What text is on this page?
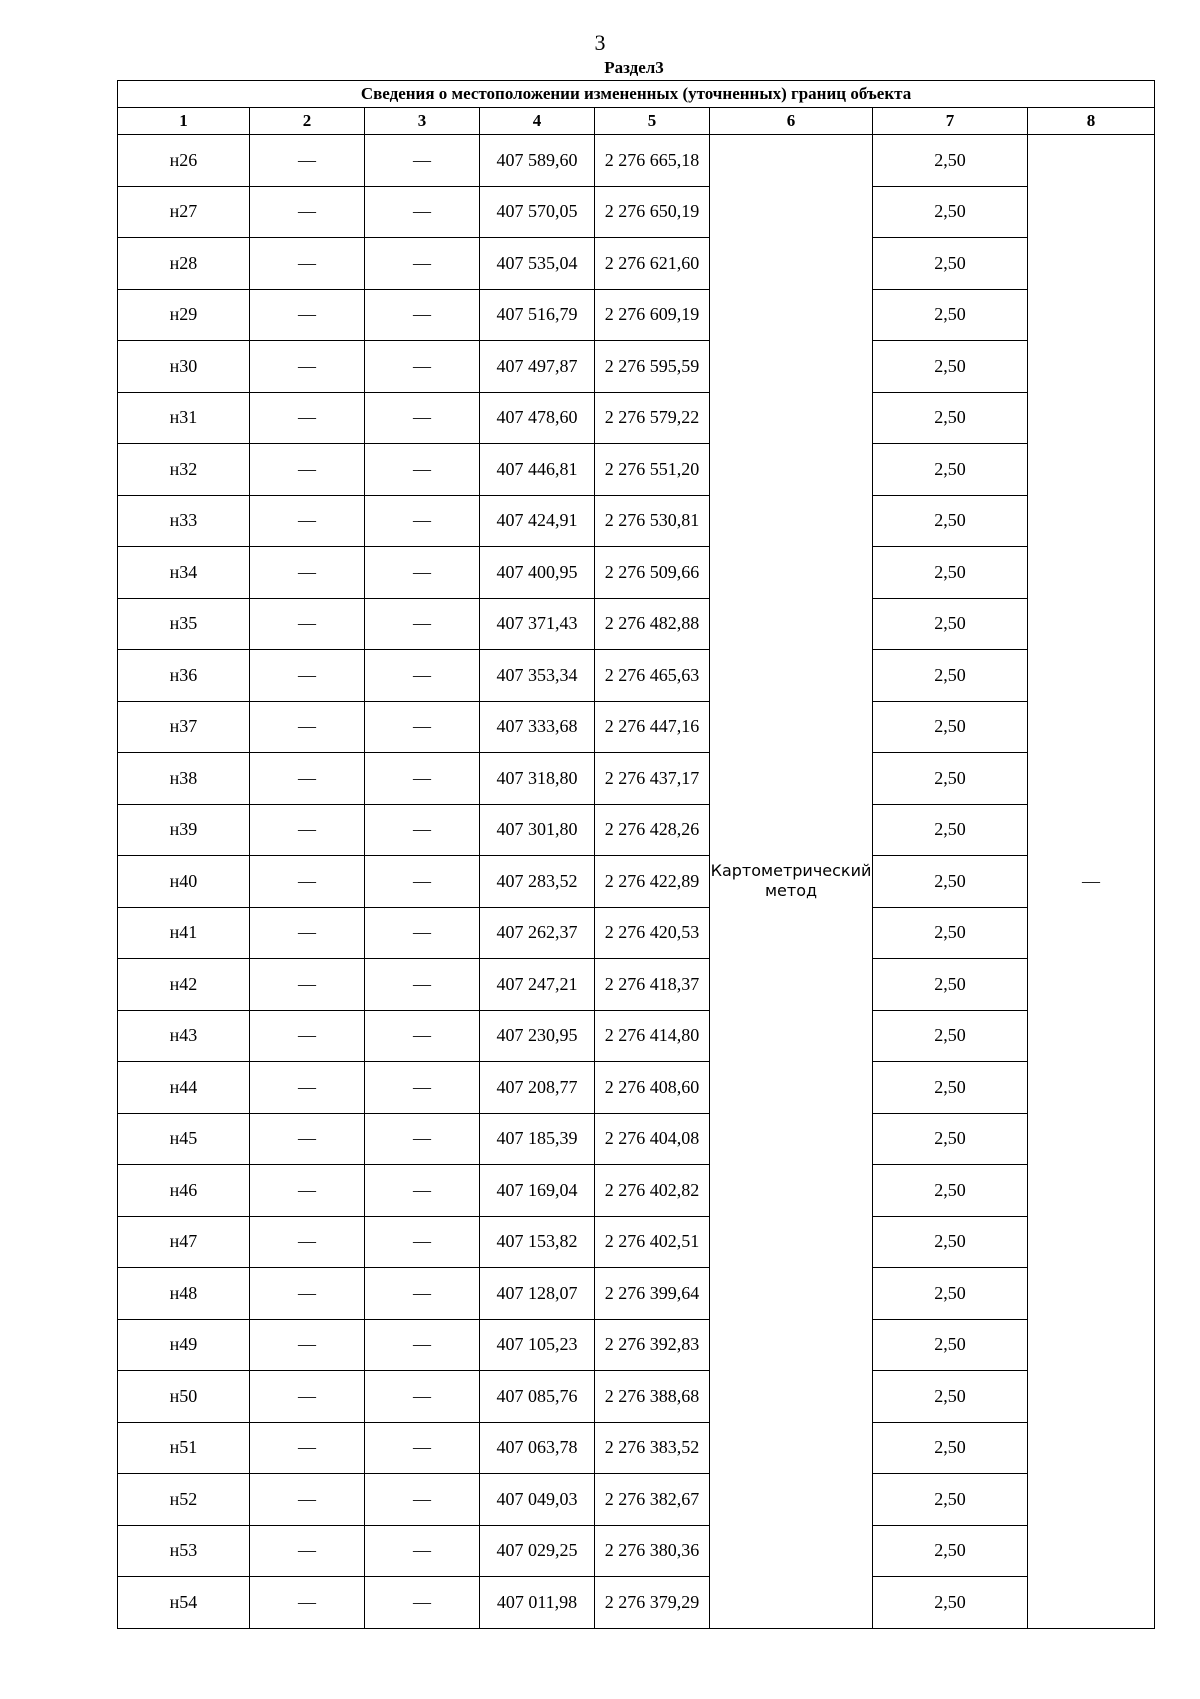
3
Раздел3
Сведения о местоположении измененных (уточненных) границ объекта							
1	2	3	4	5	6	7	8
н26	—	—	407 589,60	2 276 665,18	Картометрический метод	2,50	—
н27	—	—	407 570,05	2 276 650,19		2,50	
н28	—	—	407 535,04	2 276 621,60		2,50	
н29	—	—	407 516,79	2 276 609,19		2,50	
н30	—	—	407 497,87	2 276 595,59		2,50	
н31	—	—	407 478,60	2 276 579,22		2,50	
н32	—	—	407 446,81	2 276 551,20		2,50	
н33	—	—	407 424,91	2 276 530,81		2,50	
н34	—	—	407 400,95	2 276 509,66		2,50	
н35	—	—	407 371,43	2 276 482,88		2,50	
н36	—	—	407 353,34	2 276 465,63		2,50	
н37	—	—	407 333,68	2 276 447,16		2,50	
н38	—	—	407 318,80	2 276 437,17		2,50	
н39	—	—	407 301,80	2 276 428,26		2,50	
н40	—	—	407 283,52	2 276 422,89		2,50	
н41	—	—	407 262,37	2 276 420,53		2,50	
н42	—	—	407 247,21	2 276 418,37		2,50	
н43	—	—	407 230,95	2 276 414,80		2,50	
н44	—	—	407 208,77	2 276 408,60		2,50	
н45	—	—	407 185,39	2 276 404,08		2,50	
н46	—	—	407 169,04	2 276 402,82		2,50	
н47	—	—	407 153,82	2 276 402,51		2,50	
н48	—	—	407 128,07	2 276 399,64		2,50	
н49	—	—	407 105,23	2 276 392,83		2,50	
н50	—	—	407 085,76	2 276 388,68		2,50	
н51	—	—	407 063,78	2 276 383,52		2,50	
н52	—	—	407 049,03	2 276 382,67		2,50	
н53	—	—	407 029,25	2 276 380,36		2,50	
н54	—	—	407 011,98	2 276 379,29		2,50	
